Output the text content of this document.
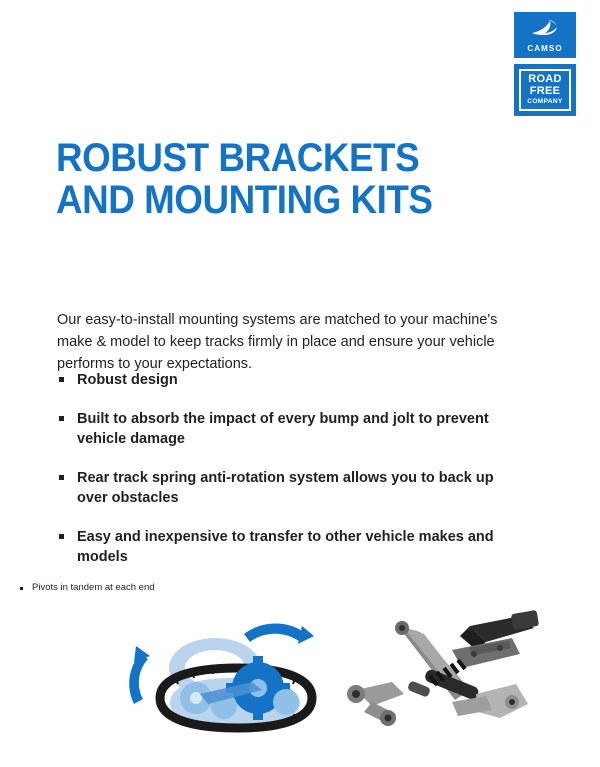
CAMSO
ROAD
FREE
COMPANY
ROBUST BRACKETS
AND MOUNTING KITS

Our easy-to-install mounting systems are matched to your machine's make & model to keep tracks firmly in place and ensure your vehicle performs to your expectations.

Robust design
Built to absorb the impact of every bump and jolt to prevent vehicle damage
Rear track spring anti-rotation system allows you to back up over obstacles
Easy and inexpensive to transfer to other vehicle makes and models
Pivots in tandem at each end
